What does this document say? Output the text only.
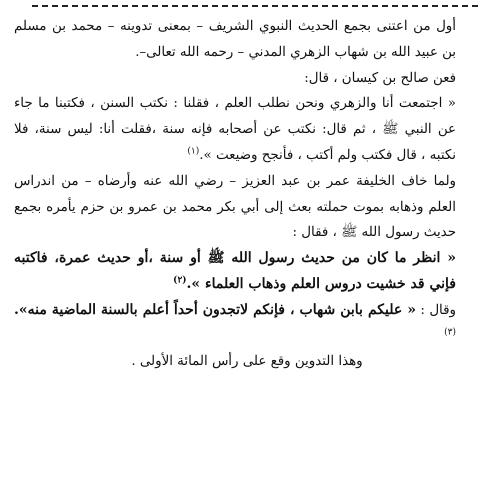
أول من اعتنى بجمع الحديث النبوي الشريف – بمعنى تدوينه – محمد بن مسلم بن عبيد الله بن شهاب الزهري المدني – رحمه الله تعالى–.

فعن صالح بن كيسان ، قال:

« اجتمعت أنا والزهري ونحن نطلب العلم ، فقلنا : نكتب السنن ، فكتبنا ما جاء عن النبي ﷺ ، ثم قال: نكتب عن أصحابه فإنه سنة ،فقلت أنا: ليس سنة، فلا نكتبه ، قال فكتب ولم أكتب ، فأنجح وضيعت ».$^{(١)}$

ولما خاف الخليفة عمر بن عبد العزيز – رضي الله عنه وأرضاه – من اندراس العلم وذهابه بموت حملته بعث إلى أبي بكر محمد بن عمرو بن حزم يأمره بجمع حديث رسول الله ﷺ ، فقال :

« انظر ما كان من حديث رسول الله ﷺ أو سنة ،أو حديث عمرة، فاكتبه فإني قد خشيت دروس العلم وذهاب العلماء ».$^{(٢)}$

وقال : « عليكم بابن شهاب ، فإنكم لاتجدون أحداً أعلم بالسنة الماضية منه».$^{(٣)}$

وهذا التدوين وقع على رأس المائة الأولى .
